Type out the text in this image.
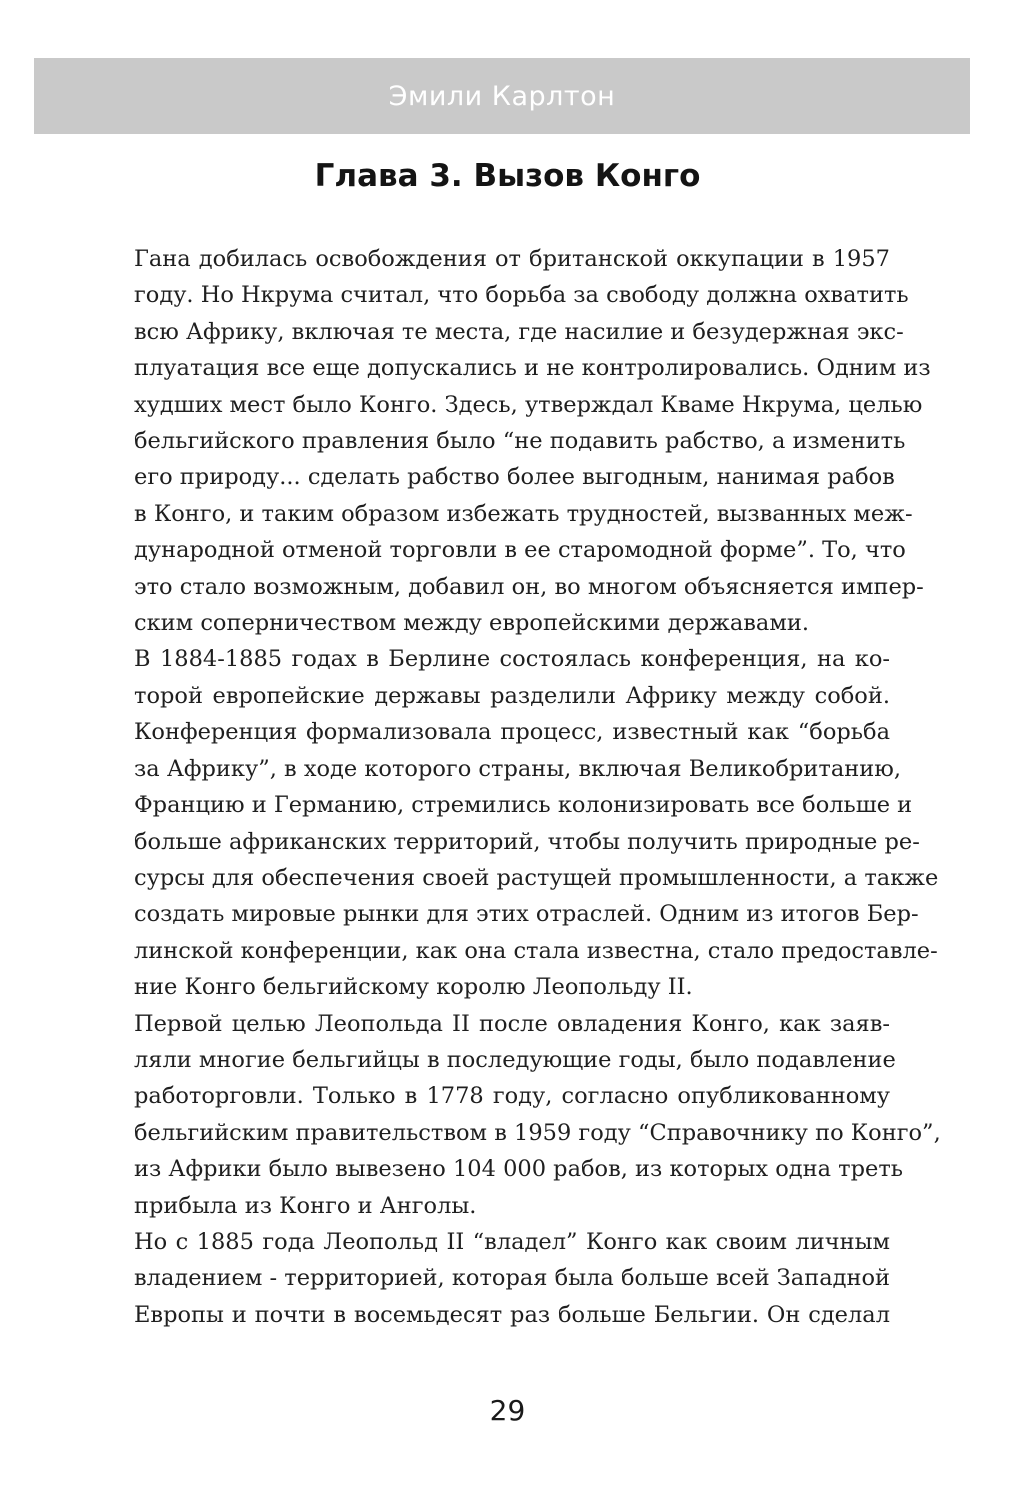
Эмили Карлтон
Глава 3. Вызов Конго

Гана добилась освобождения от британской оккупации в 1957
году. Но Нкрума считал, что борьба за свободу должна охватить
всю Африку, включая те места, где насилие и безудержная экс-
плуатация все еще допускались и не контролировались. Одним из
худших мест было Конго. Здесь, утверждал Кваме Нкрума, целью
бельгийского правления было “не подавить рабство, а изменить
его природу... сделать рабство более выгодным, нанимая рабов
в Конго, и таким образом избежать трудностей, вызванных меж-
дународной отменой торговли в ее старомодной форме”. То, что
это стало возможным, добавил он, во многом объясняется импер-
ским соперничеством между европейскими державами.

В 1884-1885 годах в Берлине состоялась конференция, на ко-
торой европейские державы разделили Африку между собой.
Конференция формализовала процесс, известный как “борьба
за Африку”, в ходе которого страны, включая Великобританию,
Францию и Германию, стремились колонизировать все больше и
больше африканских территорий, чтобы получить природные ре-
сурсы для обеспечения своей растущей промышленности, а также
создать мировые рынки для этих отраслей. Одним из итогов Бер-
линской конференции, как она стала известна, стало предоставле-
ние Конго бельгийскому королю Леопольду II.

Первой целью Леопольда II после овладения Конго, как заяв-
ляли многие бельгийцы в последующие годы, было подавление
работорговли. Только в 1778 году, согласно опубликованному
бельгийским правительством в 1959 году “Справочнику по Конго”,
из Африки было вывезено 104 000 рабов, из которых одна треть
прибыла из Конго и Анголы.

Но с 1885 года Леопольд II “владел” Конго как своим личным
владением - территорией, которая была больше всей Западной
Европы и почти в восемьдесят раз больше Бельгии. Он сделал

29
